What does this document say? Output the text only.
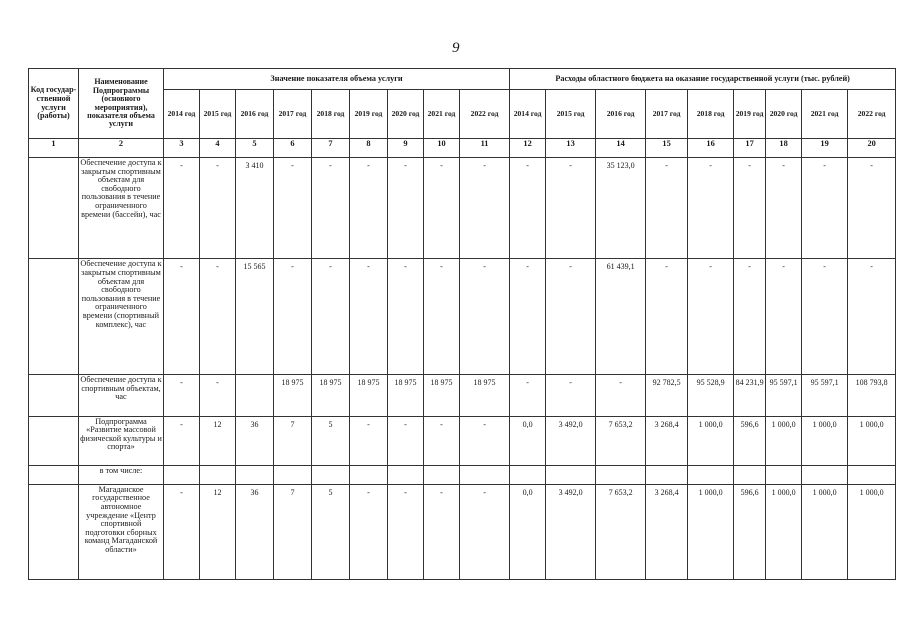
9
Код государ-ственной услуги (работы)	Наименование Подпрограммы (основного мероприятия), показателя объема услуги	Значение показателя объема услуги									Расходы областного бюджета на оказание государственной услуги (тыс. рублей)								
		2014 год	2015 год	2016 год	2017 год	2018 год	2019 год	2020 год	2021 год	2022 год	2014 год	2015 год	2016 год	2017 год	2018 год	2019 год	2020 год	2021 год	2022 год
1	2	3	4	5	6	7	8	9	10	11	12	13	14	15	16	17	18	19	20
	Обеспечение доступа к закрытым спортивным объектам для свободного пользования в течение ограниченного времени (бассейн), час	-	-	3 410	-	-	-	-	-	-	-	-	35 123,0	-	-	-	-	-	-
	Обеспечение доступа к закрытым спортивным объектам для свободного пользования в течение ограниченного времени (спортивный комплекс), час	-	-	15 565	-	-	-	-	-	-	-	-	61 439,1	-	-	-	-	-	-
	Обеспечение доступа к спортивным объектам, час	-	-		18 975	18 975	18 975	18 975	18 975	18 975	-	-	-	92 782,5	95 528,9	84 231,9	95 597,1	95 597,1	108 793,8
	Подпрограмма «Развитие массовой физической культуры и спорта»	-	12	36	7	5	-	-	-	-	0,0	3 492,0	7 653,2	3 268,4	1 000,0	596,6	1 000,0	1 000,0	1 000,0
	в том числе:																		
	Магаданское государственное автономное учреждение «Центр спортивной подготовки сборных команд Магаданской области»	-	12	36	7	5	-	-	-	-	0,0	3 492,0	7 653,2	3 268,4	1 000,0	596,6	1 000,0	1 000,0	1 000,0
